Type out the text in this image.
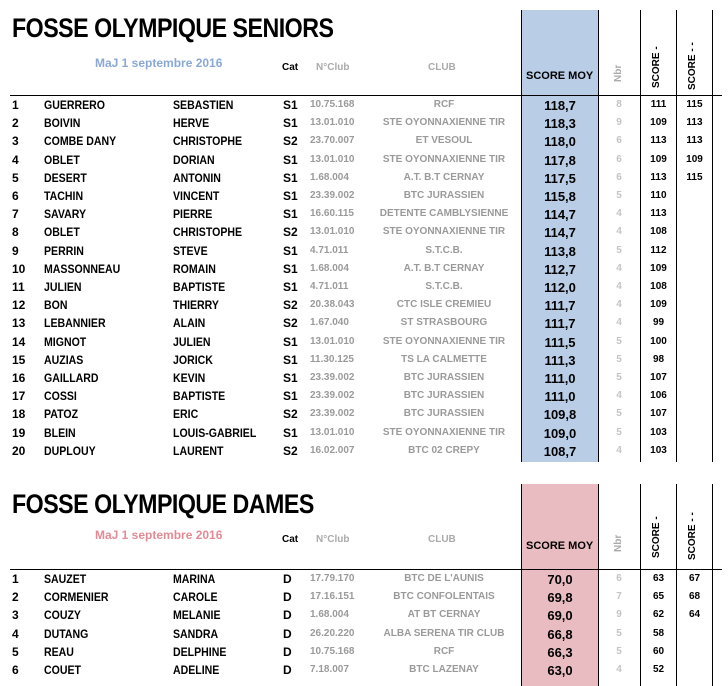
FOSSE OLYMPIQUE SENIORS
MaJ 1 septembre 2016	Cat N°Club	CLUB
SCORE MOY Nbr	SCORE -	SCORE - -
1	GUERRERO	SEBASTIEN	S1 10.75.168	RCF	118,7	8	111	115
2	BOIVIN	HERVE	S1 13.01.010	STE OYONNAXIENNE TIR	118,3	9	109	113
3	COMBE DANY	CHRISTOPHE	S2 23.70.007	ET VESOUL	118,0	6	113	113
4	OBLET	DORIAN	S1 13.01.010	STE OYONNAXIENNE TIR	117,8	6	109	109
5	DESERT	ANTONIN	S1 1.68.004	A.T. B.T CERNAY	117,5	6	113	115
6	TACHIN	VINCENT	S1 23.39.002	BTC JURASSIEN	115,8	5	110
7	SAVARY	PIERRE	S1 16.60.115	DETENTE CAMBLYSIENNE	114,7	4	113
8	OBLET	CHRISTOPHE	S2 13.01.010	STE OYONNAXIENNE TIR	114,7	4	108
9	PERRIN	STEVE	S1 4.71.011	S.T.C.B.	113,8	5	112
10	MASSONNEAU	ROMAIN	S1 1.68.004	A.T. B.T CERNAY	112,7	4	109
11	JULIEN	BAPTISTE	S1 4.71.011	S.T.C.B.	112,0	4	108
12	BON	THIERRY	S2 20.38.043	CTC ISLE CREMIEU	111,7	4	109
13	LEBANNIER	ALAIN	S2 1.67.040	ST STRASBOURG	111,7	4	99
14	MIGNOT	JULIEN	S1 13.01.010	STE OYONNAXIENNE TIR	111,5	5	100
15	AUZIAS	JORICK	S1 11.30.125	TS LA CALMETTE	111,3	5	98
16	GAILLARD	KEVIN	S1 23.39.002	BTC JURASSIEN	111,0	5	107
17	COSSI	BAPTISTE	S1 23.39.002	BTC JURASSIEN	111,0	4	106
18	PATOZ	ERIC	S2 23.39.002	BTC JURASSIEN	109,8	5	107
19	BLEIN	LOUIS-GABRIEL	S1 13.01.010	STE OYONNAXIENNE TIR	109,0	5	103
20	DUPLOUY	LAURENT	S2 16.02.007	BTC 02 CREPY	108,7	4	103
FOSSE OLYMPIQUE DAMES
MaJ 1 septembre 2016	Cat N°Club	CLUB
SCORE MOY Nbr	SCORE -	SCORE - -
1	SAUZET	MARINA	D 17.79.170	BTC DE L'AUNIS	70,0	6	63	67
2	CORMENIER	CAROLE	D 17.16.151	BTC CONFOLENTAIS	69,8	7	65	68
3	COUZY	MELANIE	D 1.68.004	AT BT CERNAY	69,0	9	62	64
4	DUTANG	SANDRA	D 26.20.220	ALBA SERENA TIR CLUB	66,8	5	58
5	REAU	DELPHINE	D 10.75.168	RCF	66,3	5	60
6	COUET	ADELINE	D 7.18.007	BTC LAZENAY	63,0	4	52
